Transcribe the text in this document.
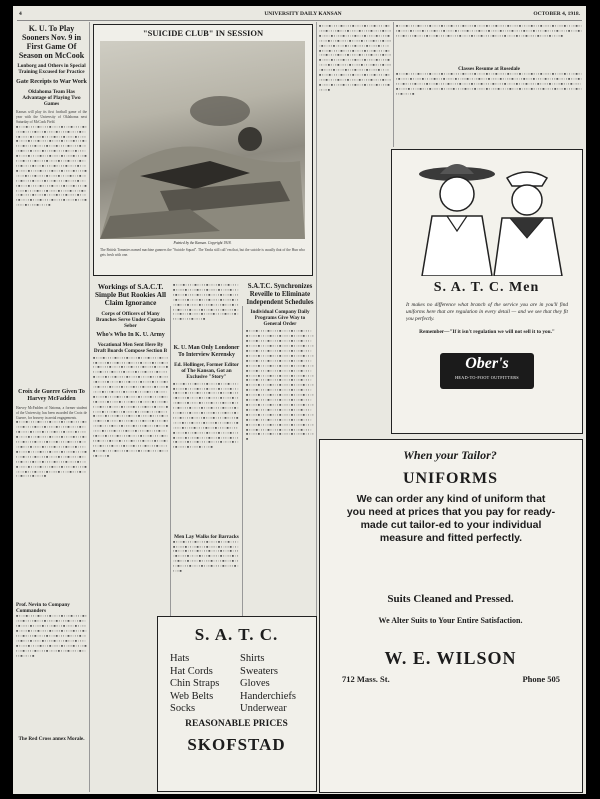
4	UNIVERSITY DAILY KANSAN	OCTOBER 4, 1918.
K. U. To Play Sooners Nov. 9 in First Game Of Season on McCook
Lonborg and Others in Special Training Excused for Practice
Gate Receipts to War Work
Oklahoma Team Has Advantage of Playing Two Games
Kansas will play its first football game of the year with the University of Oklahoma next Saturday of McCook Field.
■ ▪ ▫ ▪ ■ ▫ ▪ ▪ ▫ ■ ▪ ▫ ▪ ▪ ■ ▫ ▪ ▫ ▪ ■ ▪ ▫ ▪ ■ ▫ ▪ ▪ ▫ ■ ▪ ▫ ▪ ▪ ■ ▫ ▪ ▫ ▪ ■ ▪ ▫ ▪ ■ ▫ ▪ ▪ ▫ ■ ▪ ▫ ▪ ▪ ■ ▫ ▪ ▫ ▪ ■ ▪ ▫ ▪ ■ ▫ ▪ ▪ ▫ ■ ▪ ▫ ▪ ▪ ■ ▫ ▪ ▫ ▪ ■ ▪ ▫ ▪ ■ ▫ ▪ ▪ ▫ ■ ▪ ▫ ▪ ▪ ■ ▫ ▪ ▫ ▪ ■ ▪ ▫ ▪ ■ ▫ ▪ ▪ ▫ ■ ▪ ▫ ▪ ▪ ■ ▫ ▪ ▫ ▪ ■ ▪ ▫ ▪ ■ ▫ ▪ ▪ ▫ ■ ▪ ▫ ▪ ▪ ■ ▫ ▪ ▫ ▪ ■ ▪ ▫ ▪ ■ ▫ ▪ ▪ ▫ ■ ▪ ▫ ▪ ▪ ■ ▫ ▪ ▫ ▪ ■ ▪ ▫ ▪ ■ ▫ ▪ ▪ ▫ ■ ▪ ▫ ▪ ▪ ■ ▫ ▪ ▫ ▪ ■ ▪ ▫ ▪ ■ ▫ ▪ ▪ ▫ ■ ▪ ▫ ▪ ▪ ■ ▫ ▪ ▫ ▪ ■ ▪ ▫ ▪ ■ ▫ ▪ ▪ ▫ ■ ▪ ▫ ▪ ▪ ■ ▫ ▪ ▫ ▪ ■ ▪ ▫ ▪ ■ ▫ ▪ ▪ ▫ ■ ▪ ▫ ▪ ▪ ■ ▫ ▪ ▫ ▪ ■ ▪ ▫ ▪ ■ ▫ ▪ ▪ ▫ ■ ▪ ▫ ▪ ▪ ■ ▫ ▪ ▫ ▪ ■ ▪ ▫ ▪ ■ ▫ ▪ ▪ ▫ ■ ▪ ▫ ▪ ▪ ■ ▫ ▪ ▫ ▪ ■ ▪ ▫ ▪ ■ ▫ ▪ ▪ ▫ ■ ▪ ▫ ▪ ▪ ■ ▫ ▪ ▫ ▪ ■ ▪ ▫ ▪ ■ ▫ ▪ ▪ ▫ ■ ▪ ▫ ▪ ▪ ■ ▫ ▪ ▫ ▪ ■ ▪ ▫ ▪ ■ ▫ ▪ ▪ ▫ ■ ▪ ▫ ▪ ▪ ■ ▫ ▪ ▫ ▪ ■ ▪ ▫ ▪ ■ ▫ ▪ ▪ ▫ ■ ▪ ▫ ▪ ▪ ■ ▫ ▪ ▫ ▪ ■ ▪ ▫ ▪ ■ ▫ ▪ ▪ ▫ ■ ▪ ▫ ▪ ▪ ■ ▫ ▪ ▫ ▪ ■ ▪ ▫ ▪ ■ ▫ ▪ ▪ ▫ ■ ▪ ▫ ▪ ▪ ■ ▫ ▪ ▫ ▪ ■ ▪ ▫ ▪ ■ ▫ ▪ ▪ ▫ ■ ▪ ▫ ▪ ▪ ■ ▫ ▪ ▫ ▪ ■ ▪ ▫ ▪ ■ ▫ ▪ ▪ ▫ ■ ▪ ▫ ▪ ▪ ■ ▫ ▪ ▫ ▪ ■ ▪ ▫ ▪ ■ ▫ ▪ ▪ ▫ ■ ▪ ▫ ▪ ▪ ■ ▫ ▪ ▫ ▪ ■ ▪ ▫ ▪ ■ ▫ ▪ ▪ ▫ ■ ▪ ▫ ▪ ▪ ■ ▫ ▪ ▫ ▪ ■ ▪ ▫ ▪ ■ ▫ ▪ ▪ ▫ ■ ▪ ▫ ▪ ▪ ■ ▫ ▪ ▫ ▪ ■ ▪ ▫ ▪ ■ ▫ ▪ ▪ ▫ ■ ▪ ▫ ▪ ▪ ■ ▫ ▪ ▫ ▪ ■
Croix de Guerre Given To Harvey McFadden
Harvey McFadden of Natoma, a former student of the University, has been awarded the Croix de Guerre, for bravery in aerial engagements.
■ ▪ ▫ ▪ ■ ▫ ▪ ▪ ▫ ■ ▪ ▫ ▪ ▪ ■ ▫ ▪ ▫ ▪ ■ ▪ ▫ ▪ ■ ▫ ▪ ▪ ▫ ■ ▪ ▫ ▪ ▪ ■ ▫ ▪ ▫ ▪ ■ ▪ ▫ ▪ ■ ▫ ▪ ▪ ▫ ■ ▪ ▫ ▪ ▪ ■ ▫ ▪ ▫ ▪ ■ ▪ ▫ ▪ ■ ▫ ▪ ▪ ▫ ■ ▪ ▫ ▪ ▪ ■ ▫ ▪ ▫ ▪ ■ ▪ ▫ ▪ ■ ▫ ▪ ▪ ▫ ■ ▪ ▫ ▪ ▪ ■ ▫ ▪ ▫ ▪ ■ ▪ ▫ ▪ ■ ▫ ▪ ▪ ▫ ■ ▪ ▫ ▪ ▪ ■ ▫ ▪ ▫ ▪ ■ ▪ ▫ ▪ ■ ▫ ▪ ▪ ▫ ■ ▪ ▫ ▪ ▪ ■ ▫ ▪ ▫ ▪ ■ ▪ ▫ ▪ ■ ▫ ▪ ▪ ▫ ■ ▪ ▫ ▪ ▪ ■ ▫ ▪ ▫ ▪ ■ ▪ ▫ ▪ ■ ▫ ▪ ▪ ▫ ■ ▪ ▫ ▪ ▪ ■ ▫ ▪ ▫ ▪ ■ ▪ ▫ ▪ ■ ▫ ▪ ▪ ▫ ■ ▪ ▫ ▪ ▪ ■ ▫ ▪ ▫ ▪ ■ ▪ ▫ ▪ ■ ▫ ▪ ▪ ▫ ■ ▪ ▫ ▪ ▪ ■ ▫ ▪ ▫ ▪ ■ ▪ ▫ ▪ ■ ▫ ▪ ▪ ▫ ■ ▪ ▫ ▪ ▪ ■ ▫ ▪ ▫ ▪ ■ ▪ ▫ ▪ ■ ▫ ▪ ▪ ▫ ■ ▪ ▫ ▪ ▪ ■ ▫ ▪ ▫ ▪ ■ ▪ ▫ ▪ ■ ▫ ▪ ▪ ▫ ■ ▪ ▫ ▪ ▪ ■ ▫ ▪ ▫ ▪ ■ ▪ ▫ ▪ ■ ▫ ▪ ▪ ▫ ■ ▪ ▫ ▪ ▪ ■ ▫ ▪ ▫ ▪ ■ ▪ ▫ ▪ ■ ▫ ▪ ▪ ▫ ■ ▪ ▫ ▪ ▪ ■ ▫ ▪ ▫ ▪ ■ ▪ ▫ ▪ ■ ▫ ▪ ▪ ▫ ■ ▪ ▫ ▪ ▪ ■ ▫ ▪ ▫ ▪ ■ ▪ ▫ ▪ ■ ▫ ▪ ▪ ▫ ■ ▪ ▫ ▪ ▪ ■ ▫ ▪ ▫ ▪ ■
Prof. Nevin to Company Commanders
■ ▪ ▫ ▪ ■ ▫ ▪ ▪ ▫ ■ ▪ ▫ ▪ ▪ ■ ▫ ▪ ▫ ▪ ■ ▪ ▫ ▪ ■ ▫ ▪ ▪ ▫ ■ ▪ ▫ ▪ ▪ ■ ▫ ▪ ▫ ▪ ■ ▪ ▫ ▪ ■ ▫ ▪ ▪ ▫ ■ ▪ ▫ ▪ ▪ ■ ▫ ▪ ▫ ▪ ■ ▪ ▫ ▪ ■ ▫ ▪ ▪ ▫ ■ ▪ ▫ ▪ ▪ ■ ▫ ▪ ▫ ▪ ■ ▪ ▫ ▪ ■ ▫ ▪ ▪ ▫ ■ ▪ ▫ ▪ ▪ ■ ▫ ▪ ▫ ▪ ■ ▪ ▫ ▪ ■ ▫ ▪ ▪ ▫ ■ ▪ ▫ ▪ ▪ ■ ▫ ▪ ▫ ▪ ■ ▪ ▫ ▪ ■ ▫ ▪ ▪ ▫ ■ ▪ ▫ ▪ ▪ ■ ▫ ▪ ▫ ▪ ■ ▪ ▫ ▪ ■ ▫ ▪ ▪ ▫ ■ ▪ ▫ ▪ ▪ ■ ▫ ▪ ▫ ▪ ■ ▪ ▫ ▪ ■ ▫ ▪ ▪ ▫ ■ ▪ ▫ ▪ ▪ ■ ▫ ▪ ▫ ▪ ■ ▪ ▫ ▪ ■ ▫ ▪ ▪ ▫ ■ ▪ ▫ ▪ ▪ ■ ▫ ▪ ▫ ▪ ■ ▪ ▫ ▪ ■ ▫ ▪ ▪ ▫ ■ ▪ ▫ ▪ ▪ ■ ▫ ▪ ▫ ▪ ■ ▪ ▫ ▪ ■ ▫ ▪ ▪ ▫ ■ ▪ ▫ ▪ ▪ ■ ▫ ▪ ▫ ▪ ■ ▪ ▫ ▪ ■ ▫ ▪ ▪ ▫ ■ ▪ ▫ ▪ ▪ ■ ▫ ▪ ▫ ▪ ■
The Red Cross annex Morale.
"SUICIDE CLUB" IN SESSION
Painted by the Kansan. Copyright 1918.
The British Tommies named machine gunners the "Suicide Squad". The Yanks still call 'em that, but the suicide is usually that of the Hun who gets fresh with one.
■ ▪ ▫ ▪ ■ ▫ ▪ ▪ ▫ ■ ▪ ▫ ▪ ▪ ■ ▫ ▪ ▫ ▪ ■ ▪ ▫ ▪ ■ ▫ ▪ ▪ ▫ ■ ▪ ▫ ▪ ▪ ■ ▫ ▪ ▫ ▪ ■ ▪ ▫ ▪ ■ ▫ ▪ ▪ ▫ ■ ▪ ▫ ▪ ▪ ■ ▫ ▪ ▫ ▪ ■ ▪ ▫ ▪ ■ ▫ ▪ ▪ ▫ ■ ▪ ▫ ▪ ▪ ■ ▫ ▪ ▫ ▪ ■ ▪ ▫ ▪ ■ ▫ ▪ ▪ ▫ ■ ▪ ▫ ▪ ▪ ■ ▫ ▪ ▫ ▪ ■ ▪ ▫ ▪ ■ ▫ ▪ ▪ ▫ ■ ▪ ▫ ▪ ▪ ■ ▫ ▪ ▫ ▪ ■ ▪ ▫ ▪ ■ ▫ ▪ ▪ ▫ ■ ▪ ▫ ▪ ▪ ■ ▫ ▪ ▫ ▪ ■ ▪ ▫ ▪ ■ ▫ ▪ ▪ ▫ ■ ▪ ▫ ▪ ▪ ■ ▫ ▪ ▫ ▪ ■ ▪ ▫ ▪ ■ ▫ ▪ ▪ ▫ ■ ▪ ▫ ▪ ▪ ■ ▫ ▪ ▫ ▪ ■ ▪ ▫ ▪ ■ ▫ ▪ ▪ ▫ ■ ▪ ▫ ▪ ▪ ■ ▫ ▪ ▫ ▪ ■ ▪ ▫ ▪ ■ ▫ ▪ ▪ ▫ ■ ▪ ▫ ▪ ▪ ■ ▫ ▪ ▫ ▪ ■ ▪ ▫ ▪ ■ ▫ ▪ ▪ ▫ ■ ▪ ▫ ▪ ▪ ■ ▫ ▪ ▫ ▪ ■ ▪ ▫ ▪ ■ ▫ ▪ ▪ ▫ ■ ▪ ▫ ▪ ▪ ■ ▫ ▪ ▫ ▪ ■ ▪ ▫ ▪ ■ ▫ ▪ ▪ ▫ ■ ▪ ▫ ▪ ▪ ■ ▫ ▪ ▫ ▪ ■ ▪ ▫ ▪ ■ ▫ ▪ ▪ ▫ ■ ▪ ▫ ▪ ▪ ■ ▫ ▪ ▫ ▪ ■ ▪ ▫ ▪ ■ ▫ ▪ ▪ ▫ ■ ▪ ▫ ▪ ▪ ■ ▫ ▪ ▫ ▪ ■ ▪ ▫ ▪ ■ ▫ ▪ ▪ ▫ ■ ▪ ▫ ▪ ▪ ■ ▫ ▪ ▫ ▪ ■ ▪ ▫ ▪ ■ ▫ ▪ ▪ ▫ ■ ▪ ▫ ▪ ▪ ■ ▫ ▪ ▫ ▪ ■ ▪ ▫ ▪ ■ ▫ ▪ ▪ ▫ ■ ▪ ▫ ▪ ▪ ■ ▫ ▪ ▫ ▪ ■ ▪ ▫ ▪ ■ ▫ ▪ ▪ ▫ ■ ▪ ▫ ▪ ▪ ■ ▫ ▪ ▫ ▪ ■ ▪ ▫ ▪ ■ ▫ ▪ ▪ ▫ ■ ▪ ▫ ▪ ▪ ■ ▫ ▪ ▫ ▪ ■
■ ▪ ▫ ▪ ■ ▫ ▪ ▪ ▫ ■ ▪ ▫ ▪ ▪ ■ ▫ ▪ ▫ ▪ ■ ▪ ▫ ▪ ■ ▫ ▪ ▪ ▫ ■ ▪ ▫ ▪ ▪ ■ ▫ ▪ ▫ ▪ ■ ▪ ▫ ▪ ■ ▫ ▪ ▪ ▫ ■ ▪ ▫ ▪ ▪ ■ ▫ ▪ ▫ ▪ ■ ▪ ▫ ▪ ■ ▫ ▪ ▪ ▫ ■ ▪ ▫ ▪ ▪ ■ ▫ ▪ ▫ ▪ ■ ▪ ▫ ▪ ■ ▫ ▪ ▪ ▫ ■ ▪ ▫ ▪ ▪ ■ ▫ ▪ ▫ ▪ ■ ▪ ▫ ▪ ■ ▫ ▪ ▪ ▫ ■ ▪ ▫ ▪ ▪ ■ ▫ ▪ ▫ ▪ ■ ▪ ▫ ▪ ■ ▫ ▪ ▪ ▫ ■ ▪ ▫ ▪ ▪ ■ ▫ ▪ ▫ ▪ ■ ▪ ▫ ▪ ■ ▫ ▪ ▪ ▫ ■ ▪ ▫ ▪ ▪ ■ ▫ ▪ ▫ ▪ ■ ▪ ▫ ▪ ■ ▫ ▪ ▪ ▫ ■ ▪ ▫ ▪ ▪ ■ ▫ ▪ ▫ ▪ ■ ▪ ▫ ▪ ■ ▫ ▪ ▪ ▫ ■ ▪ ▫ ▪ ▪ ■ ▫ ▪ ▫ ▪ ■ ▪ ▫ ▪ ■ ▫ ▪ ▪ ▫ ■ ▪ ▫ ▪ ▪ ■ ▫ ▪ ▫ ▪ ■ ▪ ▫ ▪ ■ ▫ ▪ ▪ ▫ ■ ▪ ▫ ▪ ▪ ■ ▫ ▪ ▫ ▪ ■
Classes Resume at Rosedale
■ ▪ ▫ ▪ ■ ▫ ▪ ▪ ▫ ■ ▪ ▫ ▪ ▪ ■ ▫ ▪ ▫ ▪ ■ ▪ ▫ ▪ ■ ▫ ▪ ▪ ▫ ■ ▪ ▫ ▪ ▪ ■ ▫ ▪ ▫ ▪ ■ ▪ ▫ ▪ ■ ▫ ▪ ▪ ▫ ■ ▪ ▫ ▪ ▪ ■ ▫ ▪ ▫ ▪ ■ ▪ ▫ ▪ ■ ▫ ▪ ▪ ▫ ■ ▪ ▫ ▪ ▪ ■ ▫ ▪ ▫ ▪ ■ ▪ ▫ ▪ ■ ▫ ▪ ▪ ▫ ■ ▪ ▫ ▪ ▪ ■ ▫ ▪ ▫ ▪ ■ ▪ ▫ ▪ ■ ▫ ▪ ▪ ▫ ■ ▪ ▫ ▪ ▪ ■ ▫ ▪ ▫ ▪ ■ ▪ ▫ ▪ ■ ▫ ▪ ▪ ▫ ■ ▪ ▫ ▪ ▪ ■ ▫ ▪ ▫ ▪ ■ ▪ ▫ ▪ ■ ▫ ▪ ▪ ▫ ■ ▪ ▫ ▪ ▪ ■ ▫ ▪ ▫ ▪ ■ ▪ ▫ ▪ ■ ▫ ▪ ▪ ▫ ■ ▪ ▫ ▪ ▪ ■ ▫ ▪ ▫ ▪ ■ ▪ ▫ ▪ ■ ▫ ▪ ▪ ▫ ■ ▪ ▫ ▪ ▪ ■ ▫ ▪ ▫ ▪ ■ ▪ ▫ ▪ ■ ▫ ▪ ▪ ▫ ■ ▪ ▫ ▪ ▪ ■ ▫ ▪ ▫ ▪ ■ ▪ ▫ ▪ ■ ▫ ▪ ▪ ▫ ■ ▪ ▫ ▪ ▪ ■ ▫ ▪ ▫ ▪ ■ ▪ ▫ ▪ ■ ▫ ▪ ▪ ▫ ■ ▪ ▫ ▪ ▪ ■ ▫ ▪ ▫ ▪ ■ ▪ ▫ ▪ ■ ▫ ▪ ▪ ▫ ■ ▪ ▫ ▪ ▪ ■ ▫ ▪ ▫ ▪ ■ ▪ ▫ ▪ ■ ▫ ▪ ▪ ▫ ■ ▪ ▫ ▪ ▪ ■ ▫ ▪ ▫ ▪ ■ ▪ ▫ ▪ ■ ▫ ▪ ▪ ▫ ■ ▪ ▫ ▪ ▪ ■ ▫ ▪ ▫ ▪ ■ ▪ ▫ ▪ ■ ▫ ▪ ▪ ▫ ■ ▪ ▫ ▪ ▪ ■ ▫ ▪ ▫ ▪ ■
S. A. T. C. Men
It makes no difference what branch of the service you are in you'll find uniforms here that are regulation in every detail — and we see that they fit you perfectly.
Remember—"If it isn't regulation we will not sell it to you."
Ober's
HEAD-TO-FOOT OUTFITTERS
Workings of S.A.C.T. Simple But Rookies All Claim Ignorance
Corps of Officers of Many Branches Serve Under Captain Seber
Who's Who In K. U. Army
Vocational Men Sent Here By Draft Boards Compose Section B
■ ▪ ▫ ▪ ■ ▫ ▪ ▪ ▫ ■ ▪ ▫ ▪ ▪ ■ ▫ ▪ ▫ ▪ ■ ▪ ▫ ▪ ■ ▫ ▪ ▪ ▫ ■ ▪ ▫ ▪ ▪ ■ ▫ ▪ ▫ ▪ ■ ▪ ▫ ▪ ■ ▫ ▪ ▪ ▫ ■ ▪ ▫ ▪ ▪ ■ ▫ ▪ ▫ ▪ ■ ▪ ▫ ▪ ■ ▫ ▪ ▪ ▫ ■ ▪ ▫ ▪ ▪ ■ ▫ ▪ ▫ ▪ ■ ▪ ▫ ▪ ■ ▫ ▪ ▪ ▫ ■ ▪ ▫ ▪ ▪ ■ ▫ ▪ ▫ ▪ ■ ▪ ▫ ▪ ■ ▫ ▪ ▪ ▫ ■ ▪ ▫ ▪ ▪ ■ ▫ ▪ ▫ ▪ ■ ▪ ▫ ▪ ■ ▫ ▪ ▪ ▫ ■ ▪ ▫ ▪ ▪ ■ ▫ ▪ ▫ ▪ ■ ▪ ▫ ▪ ■ ▫ ▪ ▪ ▫ ■ ▪ ▫ ▪ ▪ ■ ▫ ▪ ▫ ▪ ■ ▪ ▫ ▪ ■ ▫ ▪ ▪ ▫ ■ ▪ ▫ ▪ ▪ ■ ▫ ▪ ▫ ▪ ■ ▪ ▫ ▪ ■ ▫ ▪ ▪ ▫ ■ ▪ ▫ ▪ ▪ ■ ▫ ▪ ▫ ▪ ■ ▪ ▫ ▪ ■ ▫ ▪ ▪ ▫ ■ ▪ ▫ ▪ ▪ ■ ▫ ▪ ▫ ▪ ■ ▪ ▫ ▪ ■ ▫ ▪ ▪ ▫ ■ ▪ ▫ ▪ ▪ ■ ▫ ▪ ▫ ▪ ■ ▪ ▫ ▪ ■ ▫ ▪ ▪ ▫ ■ ▪ ▫ ▪ ▪ ■ ▫ ▪ ▫ ▪ ■ ▪ ▫ ▪ ■ ▫ ▪ ▪ ▫ ■ ▪ ▫ ▪ ▪ ■ ▫ ▪ ▫ ▪ ■ ▪ ▫ ▪ ■ ▫ ▪ ▪ ▫ ■ ▪ ▫ ▪ ▪ ■ ▫ ▪ ▫ ▪ ■ ▪ ▫ ▪ ■ ▫ ▪ ▪ ▫ ■ ▪ ▫ ▪ ▪ ■ ▫ ▪ ▫ ▪ ■ ▪ ▫ ▪ ■ ▫ ▪ ▪ ▫ ■ ▪ ▫ ▪ ▪ ■ ▫ ▪ ▫ ▪ ■ ▪ ▫ ▪ ■ ▫ ▪ ▪ ▫ ■ ▪ ▫ ▪ ▪ ■ ▫ ▪ ▫ ▪ ■ ▪ ▫ ▪ ■ ▫ ▪ ▪ ▫ ■ ▪ ▫ ▪ ▪ ■ ▫ ▪ ▫ ▪ ■ ▪ ▫ ▪ ■ ▫ ▪ ▪ ▫ ■ ▪ ▫ ▪ ▪ ■ ▫ ▪ ▫ ▪ ■ ▪ ▫ ▪ ■ ▫ ▪ ▪ ▫ ■ ▪ ▫ ▪ ▪ ■ ▫ ▪ ▫ ▪ ■ ▪ ▫ ▪ ■ ▫ ▪ ▪ ▫ ■ ▪ ▫ ▪ ▪ ■ ▫ ▪ ▫ ▪ ■ ▪ ▫ ▪ ■ ▫ ▪ ▪ ▫ ■ ▪ ▫ ▪ ▪ ■ ▫ ▪ ▫ ▪ ■ ▪ ▫ ▪ ■ ▫ ▪ ▪ ▫ ■ ▪ ▫ ▪ ▪ ■ ▫ ▪ ▫ ▪ ■ ▪ ▫ ▪ ■ ▫ ▪ ▪ ▫ ■ ▪ ▫ ▪ ▪ ■ ▫ ▪ ▫ ▪ ■ ▪ ▫ ▪ ■ ▫ ▪ ▪ ▫ ■ ▪ ▫ ▪ ▪ ■ ▫ ▪ ▫ ▪ ■ ▪ ▫ ▪ ■ ▫ ▪ ▪ ▫ ■ ▪ ▫ ▪ ▪ ■ ▫ ▪ ▫ ▪ ■ ▪ ▫ ▪ ■ ▫ ▪ ▪ ▫ ■ ▪ ▫ ▪ ▪ ■ ▫ ▪ ▫ ▪ ■ ▪ ▫ ▪ ■ ▫ ▪ ▪ ▫ ■ ▪ ▫ ▪ ▪ ■ ▫ ▪ ▫ ▪ ■ ▪ ▫ ▪ ■ ▫ ▪ ▪ ▫ ■ ▪ ▫ ▪ ▪ ■ ▫ ▪ ▫ ▪ ■ ▪ ▫ ▪ ■ ▫ ▪ ▪ ▫ ■ ▪ ▫ ▪ ▪ ■ ▫ ▪ ▫ ▪ ■ ▪ ▫ ▪ ■ ▫ ▪ ▪ ▫ ■ ▪ ▫ ▪ ▪ ■ ▫ ▪ ▫ ▪ ■ ▪ ▫ ▪ ■ ▫ ▪ ▪ ▫ ■ ▪ ▫ ▪ ▪ ■ ▫ ▪ ▫ ▪ ■ ▪ ▫ ▪ ■ ▫ ▪ ▪ ▫ ■ ▪ ▫ ▪ ▪ ■ ▫ ▪ ▫ ▪ ■
■ ▪ ▫ ▪ ■ ▫ ▪ ▪ ▫ ■ ▪ ▫ ▪ ▪ ■ ▫ ▪ ▫ ▪ ■ ▪ ▫ ▪ ■ ▫ ▪ ▪ ▫ ■ ▪ ▫ ▪ ▪ ■ ▫ ▪ ▫ ▪ ■ ▪ ▫ ▪ ■ ▫ ▪ ▪ ▫ ■ ▪ ▫ ▪ ▪ ■ ▫ ▪ ▫ ▪ ■ ▪ ▫ ▪ ■ ▫ ▪ ▪ ▫ ■ ▪ ▫ ▪ ▪ ■ ▫ ▪ ▫ ▪ ■ ▪ ▫ ▪ ■ ▫ ▪ ▪ ▫ ■ ▪ ▫ ▪ ▪ ■ ▫ ▪ ▫ ▪ ■ ▪ ▫ ▪ ■ ▫ ▪ ▪ ▫ ■ ▪ ▫ ▪ ▪ ■ ▫ ▪ ▫ ▪ ■ ▪ ▫ ▪ ■ ▫ ▪ ▪ ▫ ■ ▪ ▫ ▪ ▪ ■ ▫ ▪ ▫ ▪ ■ ▪ ▫ ▪ ■ ▫ ▪ ▪ ▫ ■ ▪ ▫ ▪ ▪ ■ ▫ ▪ ▫ ▪ ■ ▪ ▫ ▪ ■ ▫ ▪ ▪ ▫ ■ ▪ ▫ ▪ ▪ ■ ▫ ▪ ▫ ▪ ■ ▪ ▫ ▪ ■ ▫ ▪ ▪ ▫ ■ ▪ ▫ ▪ ▪ ■ ▫ ▪ ▫ ▪ ■ ▪ ▫ ▪ ■ ▫ ▪ ▪ ▫ ■ ▪ ▫ ▪ ▪ ■ ▫ ▪ ▫ ▪ ■
K. U. Man Only Londoner To Interview Kerensky
Ed. Hollinger, Former Editor of The Kansan, Got an Exclusive "Story"
■ ▪ ▫ ▪ ■ ▫ ▪ ▪ ▫ ■ ▪ ▫ ▪ ▪ ■ ▫ ▪ ▫ ▪ ■ ▪ ▫ ▪ ■ ▫ ▪ ▪ ▫ ■ ▪ ▫ ▪ ▪ ■ ▫ ▪ ▫ ▪ ■ ▪ ▫ ▪ ■ ▫ ▪ ▪ ▫ ■ ▪ ▫ ▪ ▪ ■ ▫ ▪ ▫ ▪ ■ ▪ ▫ ▪ ■ ▫ ▪ ▪ ▫ ■ ▪ ▫ ▪ ▪ ■ ▫ ▪ ▫ ▪ ■ ▪ ▫ ▪ ■ ▫ ▪ ▪ ▫ ■ ▪ ▫ ▪ ▪ ■ ▫ ▪ ▫ ▪ ■ ▪ ▫ ▪ ■ ▫ ▪ ▪ ▫ ■ ▪ ▫ ▪ ▪ ■ ▫ ▪ ▫ ▪ ■ ▪ ▫ ▪ ■ ▫ ▪ ▪ ▫ ■ ▪ ▫ ▪ ▪ ■ ▫ ▪ ▫ ▪ ■ ▪ ▫ ▪ ■ ▫ ▪ ▪ ▫ ■ ▪ ▫ ▪ ▪ ■ ▫ ▪ ▫ ▪ ■ ▪ ▫ ▪ ■ ▫ ▪ ▪ ▫ ■ ▪ ▫ ▪ ▪ ■ ▫ ▪ ▫ ▪ ■ ▪ ▫ ▪ ■ ▫ ▪ ▪ ▫ ■ ▪ ▫ ▪ ▪ ■ ▫ ▪ ▫ ▪ ■ ▪ ▫ ▪ ■ ▫ ▪ ▪ ▫ ■ ▪ ▫ ▪ ▪ ■ ▫ ▪ ▫ ▪ ■ ▪ ▫ ▪ ■ ▫ ▪ ▪ ▫ ■ ▪ ▫ ▪ ▪ ■ ▫ ▪ ▫ ▪ ■ ▪ ▫ ▪ ■ ▫ ▪ ▪ ▫ ■ ▪ ▫ ▪ ▪ ■ ▫ ▪ ▫ ▪ ■ ▪ ▫ ▪ ■ ▫ ▪ ▪ ▫ ■ ▪ ▫ ▪ ▪ ■ ▫ ▪ ▫ ▪ ■ ▪ ▫ ▪ ■ ▫ ▪ ▪ ▫ ■ ▪ ▫ ▪ ▪ ■ ▫ ▪ ▫ ▪ ■ ▪ ▫ ▪ ■ ▫ ▪ ▪ ▫ ■ ▪ ▫ ▪ ▪ ■ ▫ ▪ ▫ ▪ ■ ▪ ▫ ▪ ■ ▫ ▪ ▪ ▫ ■ ▪ ▫ ▪ ▪ ■ ▫ ▪ ▫ ▪ ■ ▪ ▫ ▪ ■ ▫ ▪ ▪ ▫ ■ ▪ ▫ ▪ ▪ ■ ▫ ▪ ▫ ▪ ■ ▪ ▫ ▪ ■ ▫ ▪ ▪ ▫ ■ ▪ ▫ ▪ ▪ ■ ▫ ▪ ▫ ▪ ■ ▪ ▫ ▪ ■ ▫ ▪ ▪ ▫ ■ ▪ ▫ ▪ ▪ ■ ▫ ▪ ▫ ▪ ■
Men Lay Walks for Barracks
■ ▪ ▫ ▪ ■ ▫ ▪ ▪ ▫ ■ ▪ ▫ ▪ ▪ ■ ▫ ▪ ▫ ▪ ■ ▪ ▫ ▪ ■ ▫ ▪ ▪ ▫ ■ ▪ ▫ ▪ ▪ ■ ▫ ▪ ▫ ▪ ■ ▪ ▫ ▪ ■ ▫ ▪ ▪ ▫ ■ ▪ ▫ ▪ ▪ ■ ▫ ▪ ▫ ▪ ■ ▪ ▫ ▪ ■ ▫ ▪ ▪ ▫ ■ ▪ ▫ ▪ ▪ ■ ▫ ▪ ▫ ▪ ■ ▪ ▫ ▪ ■ ▫ ▪ ▪ ▫ ■ ▪ ▫ ▪ ▪ ■ ▫ ▪ ▫ ▪ ■ ▪ ▫ ▪ ■ ▫ ▪ ▪ ▫ ■ ▪ ▫ ▪ ▪ ■ ▫ ▪ ▫ ▪ ■ ▪ ▫ ▪ ■ ▫ ▪ ▪ ▫ ■ ▪ ▫ ▪ ▪ ■ ▫ ▪ ▫ ▪ ■ ▪ ▫ ▪ ■ ▫ ▪ ▪ ▫ ■ ▪ ▫ ▪ ▪ ■ ▫ ▪ ▫ ▪ ■ ▪ ▫ ▪ ■ ▫ ▪ ▪ ▫ ■ ▪ ▫ ▪ ▪ ■ ▫ ▪ ▫ ▪ ■
S.A.T.C. Synchronizes Reveille to Eliminate Independent Schedules
Individual Company Daily Programs Give Way to General Order
■ ▪ ▫ ▪ ■ ▫ ▪ ▪ ▫ ■ ▪ ▫ ▪ ▪ ■ ▫ ▪ ▫ ▪ ■ ▪ ▫ ▪ ■ ▫ ▪ ▪ ▫ ■ ▪ ▫ ▪ ▪ ■ ▫ ▪ ▫ ▪ ■ ▪ ▫ ▪ ■ ▫ ▪ ▪ ▫ ■ ▪ ▫ ▪ ▪ ■ ▫ ▪ ▫ ▪ ■ ▪ ▫ ▪ ■ ▫ ▪ ▪ ▫ ■ ▪ ▫ ▪ ▪ ■ ▫ ▪ ▫ ▪ ■ ▪ ▫ ▪ ■ ▫ ▪ ▪ ▫ ■ ▪ ▫ ▪ ▪ ■ ▫ ▪ ▫ ▪ ■ ▪ ▫ ▪ ■ ▫ ▪ ▪ ▫ ■ ▪ ▫ ▪ ▪ ■ ▫ ▪ ▫ ▪ ■ ▪ ▫ ▪ ■ ▫ ▪ ▪ ▫ ■ ▪ ▫ ▪ ▪ ■ ▫ ▪ ▫ ▪ ■ ▪ ▫ ▪ ■ ▫ ▪ ▪ ▫ ■ ▪ ▫ ▪ ▪ ■ ▫ ▪ ▫ ▪ ■ ▪ ▫ ▪ ■ ▫ ▪ ▪ ▫ ■ ▪ ▫ ▪ ▪ ■ ▫ ▪ ▫ ▪ ■ ▪ ▫ ▪ ■ ▫ ▪ ▪ ▫ ■ ▪ ▫ ▪ ▪ ■ ▫ ▪ ▫ ▪ ■ ▪ ▫ ▪ ■ ▫ ▪ ▪ ▫ ■ ▪ ▫ ▪ ▪ ■ ▫ ▪ ▫ ▪ ■ ▪ ▫ ▪ ■ ▫ ▪ ▪ ▫ ■ ▪ ▫ ▪ ▪ ■ ▫ ▪ ▫ ▪ ■ ▪ ▫ ▪ ■ ▫ ▪ ▪ ▫ ■ ▪ ▫ ▪ ▪ ■ ▫ ▪ ▫ ▪ ■ ▪ ▫ ▪ ■ ▫ ▪ ▪ ▫ ■ ▪ ▫ ▪ ▪ ■ ▫ ▪ ▫ ▪ ■ ▪ ▫ ▪ ■ ▫ ▪ ▪ ▫ ■ ▪ ▫ ▪ ▪ ■ ▫ ▪ ▫ ▪ ■ ▪ ▫ ▪ ■ ▫ ▪ ▪ ▫ ■ ▪ ▫ ▪ ▪ ■ ▫ ▪ ▫ ▪ ■ ▪ ▫ ▪ ■ ▫ ▪ ▪ ▫ ■ ▪ ▫ ▪ ▪ ■ ▫ ▪ ▫ ▪ ■ ▪ ▫ ▪ ■ ▫ ▪ ▪ ▫ ■ ▪ ▫ ▪ ▪ ■ ▫ ▪ ▫ ▪ ■ ▪ ▫ ▪ ■ ▫ ▪ ▪ ▫ ■ ▪ ▫ ▪ ▪ ■ ▫ ▪ ▫ ▪ ■ ▪ ▫ ▪ ■ ▫ ▪ ▪ ▫ ■ ▪ ▫ ▪ ▪ ■ ▫ ▪ ▫ ▪ ■ ▪ ▫ ▪ ■ ▫ ▪ ▪ ▫ ■ ▪ ▫ ▪ ▪ ■ ▫ ▪ ▫ ▪ ■ ▪ ▫ ▪ ■ ▫ ▪ ▪ ▫ ■ ▪ ▫ ▪ ▪ ■ ▫ ▪ ▫ ▪ ■ ▪ ▫ ▪ ■ ▫ ▪ ▪ ▫ ■ ▪ ▫ ▪ ▪ ■ ▫ ▪ ▫ ▪ ■ ▪ ▫ ▪ ■ ▫ ▪ ▪ ▫ ■ ▪ ▫ ▪ ▪ ■ ▫ ▪ ▫ ▪ ■ ▪ ▫ ▪ ■ ▫ ▪ ▪ ▫ ■ ▪ ▫ ▪ ▪ ■ ▫ ▪ ▫ ▪ ■ ▪ ▫ ▪ ■ ▫ ▪ ▪ ▫ ■ ▪ ▫ ▪ ▪ ■ ▫ ▪ ▫ ▪ ■ ▪ ▫ ▪ ■ ▫ ▪ ▪ ▫ ■ ▪ ▫ ▪ ▪ ■ ▫ ▪ ▫ ▪ ■ ▪ ▫ ▪ ■ ▫ ▪ ▪ ▫ ■ ▪ ▫ ▪ ▪ ■ ▫ ▪ ▫ ▪ ■ ▪ ▫ ▪ ■ ▫ ▪ ▪ ▫ ■ ▪ ▫ ▪ ▪ ■ ▫ ▪ ▫ ▪ ■ ▪ ▫ ▪ ■ ▫ ▪ ▪ ▫ ■ ▪ ▫ ▪ ▪ ■ ▫ ▪ ▫ ▪ ■ ▪ ▫ ▪ ■ ▫ ▪ ▪ ▫ ■ ▪ ▫ ▪ ▪ ■ ▫ ▪ ▫ ▪ ■ ▪ ▫ ▪ ■ ▫ ▪ ▪ ▫ ■ ▪ ▫ ▪ ▪ ■ ▫ ▪ ▫ ▪ ■ ▪ ▫ ▪ ■ ▫ ▪ ▪ ▫ ■ ▪ ▫ ▪ ▪ ■ ▫ ▪ ▫ ▪ ■
S. A. T. C.
Hats
Hat Cords
Chin Straps
Web Belts
Socks
Shirts
Sweaters
Gloves
Handerchiefs
Underwear
REASONABLE PRICES
SKOFSTAD
When your Tailor?
UNIFORMS
We can order any kind of uniform that you need at prices that you pay for ready-made cut tailor-ed to your individual measure and fitted perfectly.
Suits Cleaned and Pressed.
We Alter Suits to Your Entire Satisfaction.
W. E. WILSON
712 Mass. St.	Phone 505
